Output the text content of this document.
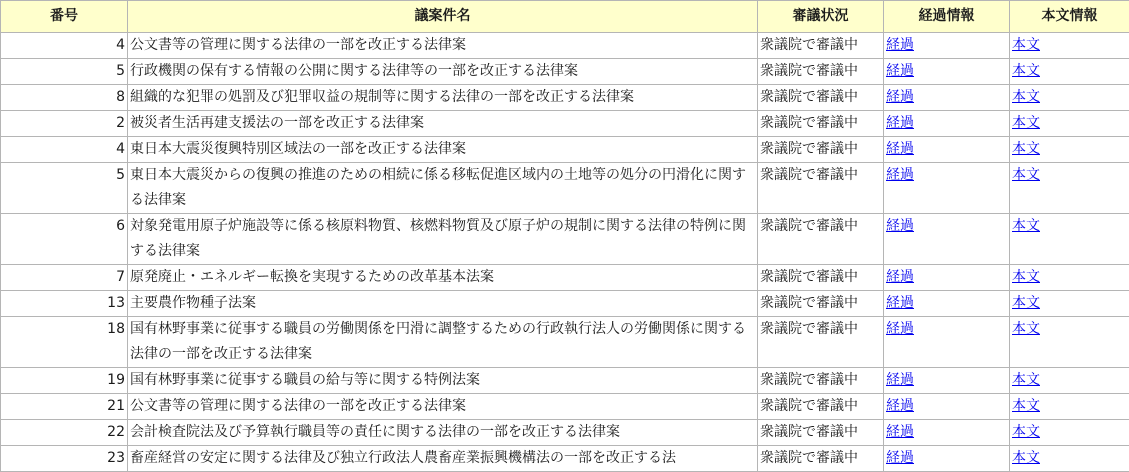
番号	議案件名	審議状況	経過情報	本文情報
4	公文書等の管理に関する法律の一部を改正する法律案	衆議院で審議中	経過	本文
5	行政機関の保有する情報の公開に関する法律等の一部を改正する法律案	衆議院で審議中	経過	本文
8	組織的な犯罪の処罰及び犯罪収益の規制等に関する法律の一部を改正する法律案	衆議院で審議中	経過	本文
2	被災者生活再建支援法の一部を改正する法律案	衆議院で審議中	経過	本文
4	東日本大震災復興特別区域法の一部を改正する法律案	衆議院で審議中	経過	本文
5	東日本大震災からの復興の推進のための相続に係る移転促進区域内の土地等の処分の円滑化に関する法律案	衆議院で審議中	経過	本文
6	対象発電用原子炉施設等に係る核原料物質、核燃料物質及び原子炉の規制に関する法律の特例に関する法律案	衆議院で審議中	経過	本文
7	原発廃止・エネルギー転換を実現するための改革基本法案	衆議院で審議中	経過	本文
13	主要農作物種子法案	衆議院で審議中	経過	本文
18	国有林野事業に従事する職員の労働関係を円滑に調整するための行政執行法人の労働関係に関する法律の一部を改正する法律案	衆議院で審議中	経過	本文
19	国有林野事業に従事する職員の給与等に関する特例法案	衆議院で審議中	経過	本文
21	公文書等の管理に関する法律の一部を改正する法律案	衆議院で審議中	経過	本文
22	会計検査院法及び予算執行職員等の責任に関する法律の一部を改正する法律案	衆議院で審議中	経過	本文
23	畜産経営の安定に関する法律及び独立行政法人農畜産業振興機構法の一部を改正する法	衆議院で審議中	経過	本文
